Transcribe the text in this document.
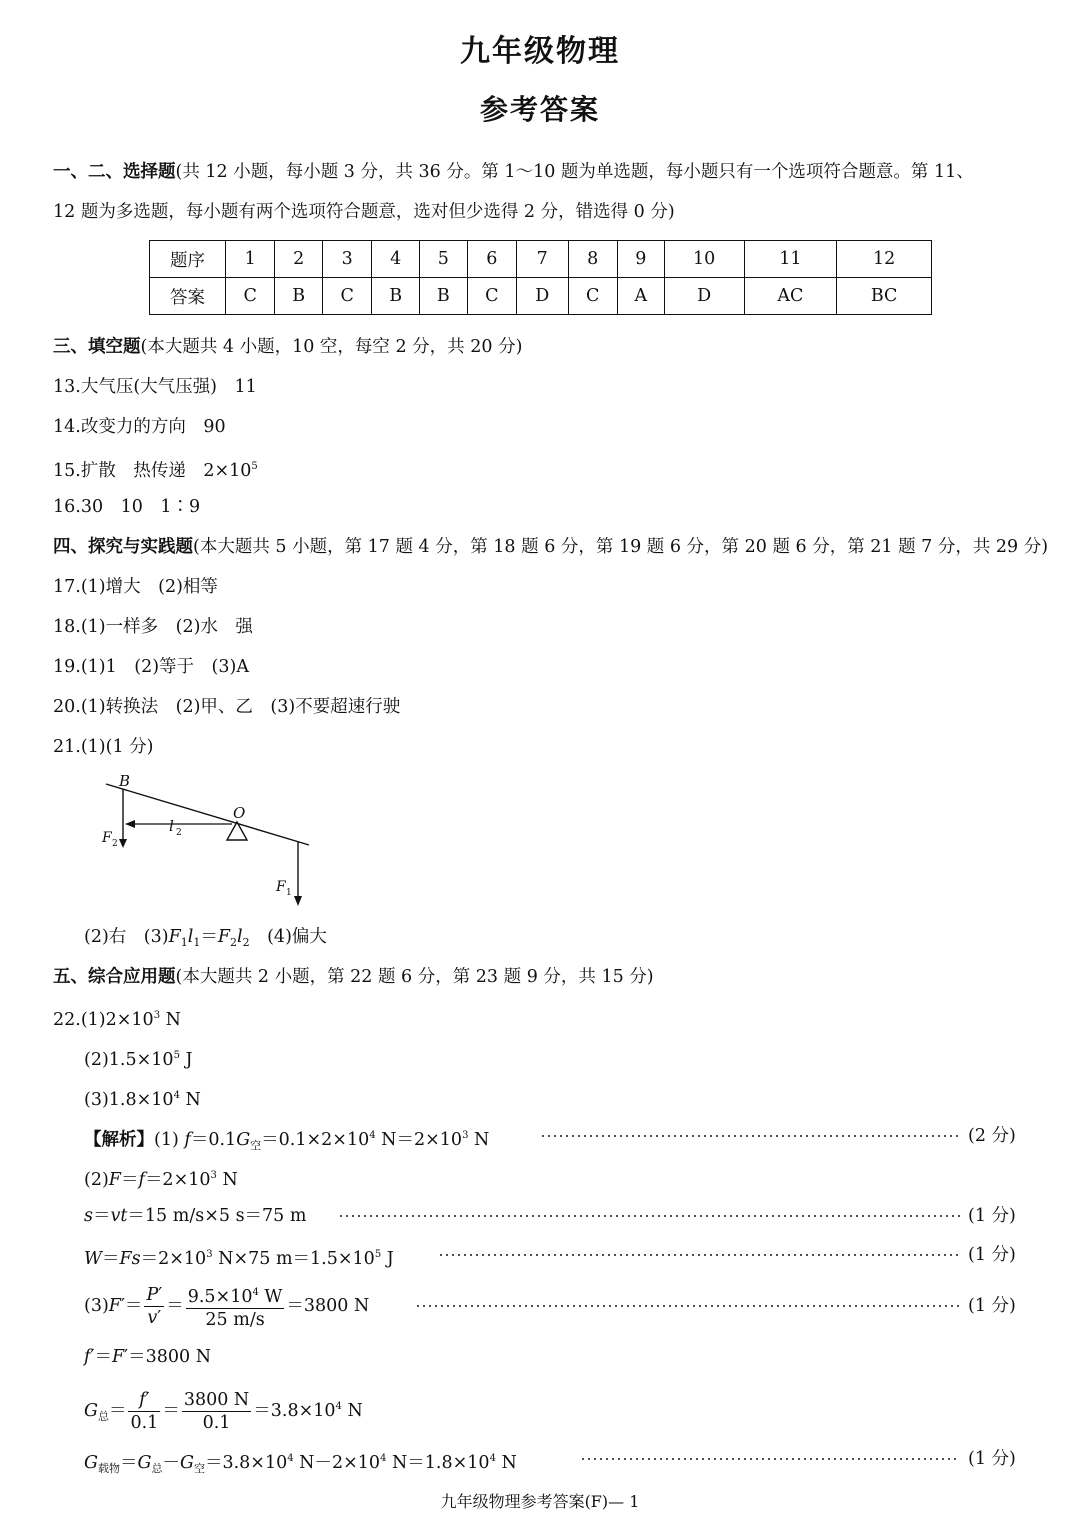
九年级物理
参考答案
一、二、选择题(共 12 小题，每小题 3 分，共 36 分。第 1～10 题为单选题，每小题只有一个选项符合题意。第 11、
12 题为多选题，每小题有两个选项符合题意，选对但少选得 2 分，错选得 0 分)
题序	1	2	3	4	5	6	7	8	9	10	11	12
答案	C	B	C	B	B	C	D	C	A	D	AC	BC
三、填空题(本大题共 4 小题，10 空，每空 2 分，共 20 分)
13.大气压(大气压强)　11
14.改变力的方向　90
15.扩散　热传递　$2\times 10^5$
16.30　10　1∶9
四、探究与实践题(本大题共 5 小题，第 17 题 4 分，第 18 题 6 分，第 19 题 6 分，第 20 题 6 分，第 21 题 7 分，共 29 分)
17.(1)增大　(2)相等
18.(1)一样多　(2)水　强
19.(1)1　(2)等于　(3)A
20.(1)转换法　(2)甲、乙　(3)不要超速行驶
21.(1)(1 分)
B
O
l 2
F 2
F 1
(2)右　$(3)F_1l_1=F_2l_2$　 (4)偏大
五、综合应用题(本大题共 2 小题，第 22 题 6 分，第 23 题 9 分，共 15 分)
$22.(1)2\times 10^3$ N
$(2)1.5\times 10^5$ J
$(3)1.8\times 10^4$ N
【解析】(1) $f=0.1G_空=0.1\times 2\times 10^4$ $N=2\times 10^3$ N	(2 分)
$(2)F=f=2\times 10^3$ N
s＝vt＝15 m/s×5 s＝75 m	(1 分)
$W=Fs=2\times 10^3$ N×75 $m=1.5\times 10^5$ J	(1 分)
$(3)F'= \frac{P'}{v'} = \frac{9.5\times 10^4 W}{25 m/s} =3800$ N	(1 分)
f′＝F′＝3800 N
$G_总= \frac{f'}{0.1} = \frac{3800 N}{0.1} =3.8\times 10^4$ N
$G_{载物}=G_总-G_空=3.8\times 10^4$ $N-2\times 10^4$ $N=1.8\times 10^4$ N	(1 分)
九年级物理参考答案(F)— 1
